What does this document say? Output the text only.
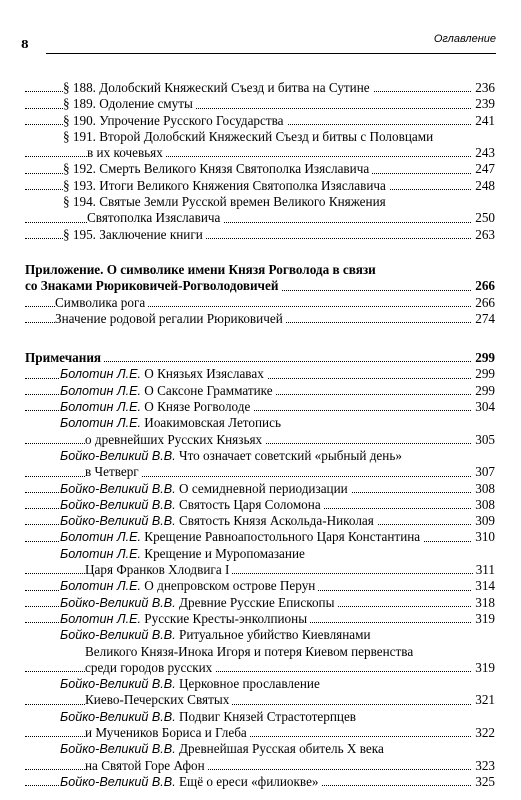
8	Оглавление
§ 188. Долобский Княжеский Съезд и битва на Сутине	236
§ 189. Одоление смуты	239
§ 190. Упрочение Русского Государства	241
§ 191. Второй Долобский Княжеский Съезд и битвы с Половцами
в их кочевьях	243
§ 192. Смерть Великого Князя Святополка Изяславича	247
§ 193. Итоги Великого Княжения Святополка Изяславича	248
§ 194. Святые Земли Русской времен Великого Княжения
Святополка Изяславича	250
§ 195. Заключение книги	263
Приложение. О символике имени Князя Рогволода в связи
со Знаками Рюриковичей-Рогволодовичей	266
Символика рога	266
Значение родовой регалии Рюриковичей	274
Примечания	299
Болотин Л.Е. О Князьях Изяславах	299
Болотин Л.Е. О Саксоне Грамматике	299
Болотин Л.Е. О Князе Рогволоде	304
Болотин Л.Е. Иоакимовская Летопись
о древнейших Русских Князьях	305
Бойко-Великий В.В. Что означает советский «рыбный день»
в Четверг	307
Бойко-Великий В.В. О семидневной периодизации	308
Бойко-Великий В.В. Святость Царя Соломона	308
Бойко-Великий В.В. Святость Князя Аскольда-Николая	309
Болотин Л.Е. Крещение Равноапостольного Царя Константина	310
Болотин Л.Е. Крещение и Муропомазание
Царя Франков Хлодвига I	311
Болотин Л.Е. О днепровском острове Перун	314
Бойко-Великий В.В. Древние Русские Епископы	318
Болотин Л.Е. Русские Кресты-энколпионы	319
Бойко-Великий В.В. Ритуальное убийство Киевлянами
Великого Князя-Инока Игоря и потеря Киевом первенства
среди городов русских	319
Бойко-Великий В.В. Церковное прославление
Киево-Печерских Святых	321
Бойко-Великий В.В. Подвиг Князей Страстотерпцев
и Мучеников Бориса и Глеба	322
Бойко-Великий В.В. Древнейшая Русская обитель X века
на Святой Горе Афон	323
Бойко-Великий В.В. Ещё о ереси «филиокве»	325
